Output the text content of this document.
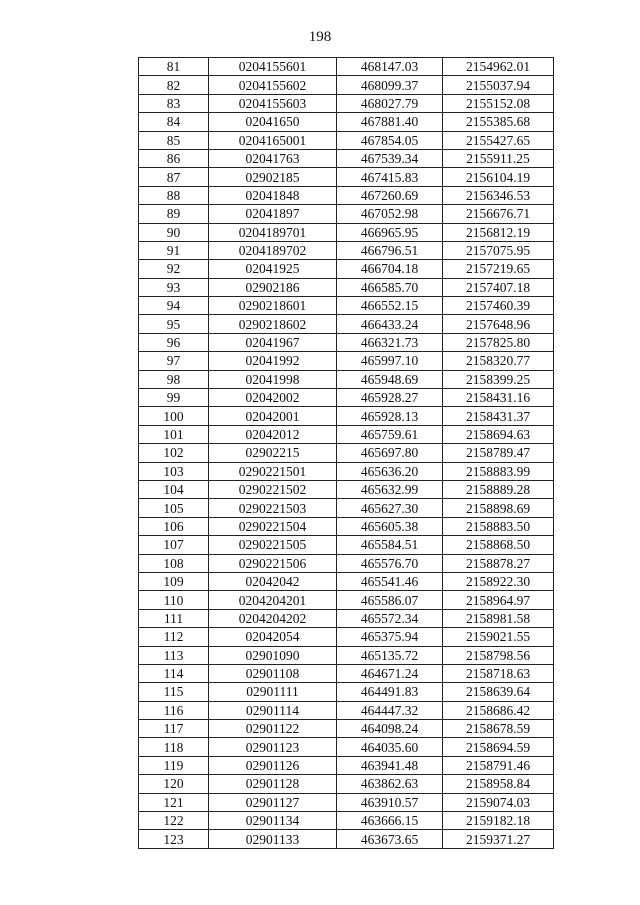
198
81	0204155601	468147.03	2154962.01
82	0204155602	468099.37	2155037.94
83	0204155603	468027.79	2155152.08
84	02041650	467881.40	2155385.68
85	0204165001	467854.05	2155427.65
86	02041763	467539.34	2155911.25
87	02902185	467415.83	2156104.19
88	02041848	467260.69	2156346.53
89	02041897	467052.98	2156676.71
90	0204189701	466965.95	2156812.19
91	0204189702	466796.51	2157075.95
92	02041925	466704.18	2157219.65
93	02902186	466585.70	2157407.18
94	0290218601	466552.15	2157460.39
95	0290218602	466433.24	2157648.96
96	02041967	466321.73	2157825.80
97	02041992	465997.10	2158320.77
98	02041998	465948.69	2158399.25
99	02042002	465928.27	2158431.16
100	02042001	465928.13	2158431.37
101	02042012	465759.61	2158694.63
102	02902215	465697.80	2158789.47
103	0290221501	465636.20	2158883.99
104	0290221502	465632.99	2158889.28
105	0290221503	465627.30	2158898.69
106	0290221504	465605.38	2158883.50
107	0290221505	465584.51	2158868.50
108	0290221506	465576.70	2158878.27
109	02042042	465541.46	2158922.30
110	0204204201	465586.07	2158964.97
111	0204204202	465572.34	2158981.58
112	02042054	465375.94	2159021.55
113	02901090	465135.72	2158798.56
114	02901108	464671.24	2158718.63
115	02901111	464491.83	2158639.64
116	02901114	464447.32	2158686.42
117	02901122	464098.24	2158678.59
118	02901123	464035.60	2158694.59
119	02901126	463941.48	2158791.46
120	02901128	463862.63	2158958.84
121	02901127	463910.57	2159074.03
122	02901134	463666.15	2159182.18
123	02901133	463673.65	2159371.27
